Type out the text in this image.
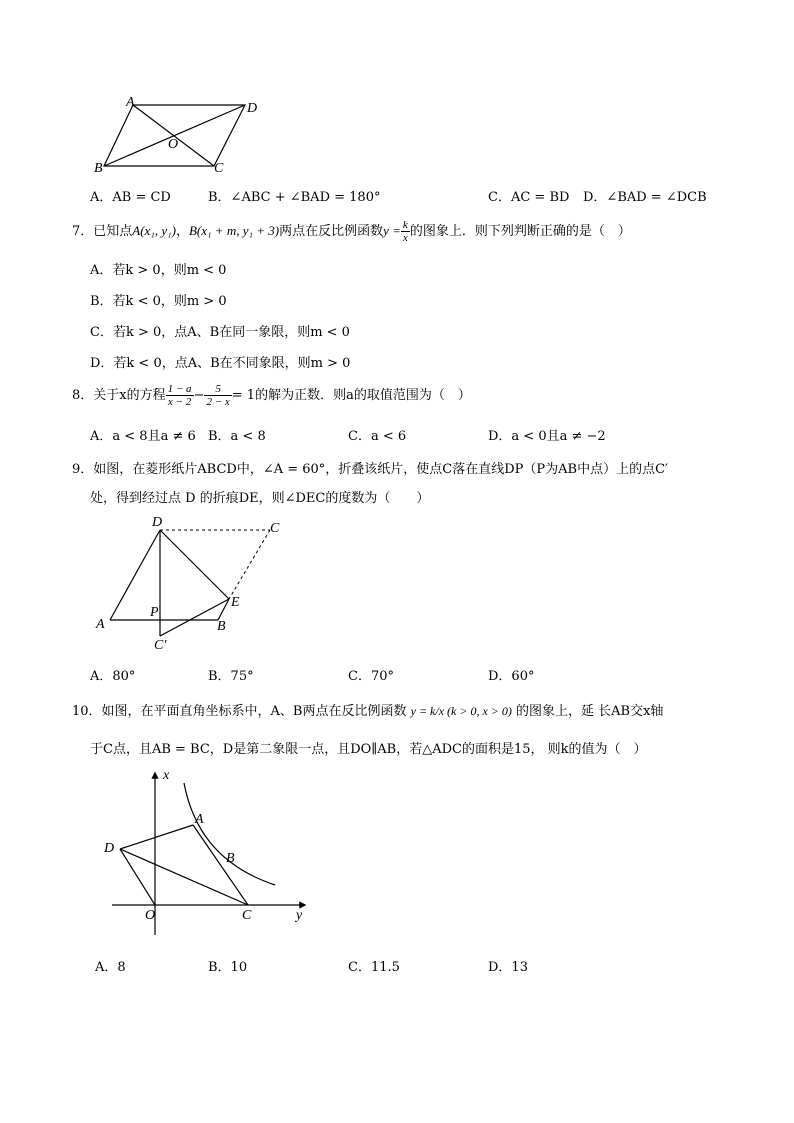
A	D
O
B	C
A．AB = CD	B．∠ABC + ∠BAD = 180°	C．AC = BD D．∠BAD = ∠DCB
7．已知点A(x₁, y₁)，B(x₁ + m, y₁ + 3)两点在反比例函数$y = \frac{k}{x}$ 的图象上．则下列判断正确的是（　）
A．若k > 0，则m < 0
B．若k < 0，则m > 0
C．若k > 0，点A、B在同一象限，则m < 0
D．若k < 0，点A、B在不同象限，则m > 0
8．关于x的方程 $\frac{1 - a}{x - 2} - \frac{5}{2 - x} = 1$的解为正数．则a的取值范围为（　）
A．a < 8且a ≠ 6 B．a < 8	C．a < 6	D．a < 0且a ≠ −2
9．如图，在菱形纸片ABCD中，∠A = 60°，折叠该纸片，使点C落在直线DP（P为AB中点）上的点C′
处，得到经过点 D 的折痕DE，则∠DEC的度数为（　　）
D	C
E
P
A	B
C′
A．80°	B．75°	C．70°	D．60°
10．如图，在平面直角坐标系中，A、B两点在反比例函数 y = k/x (k > 0, x > 0) 的图象上，延 长AB交x轴
于C点，且AB = BC，D是第二象限一点，且DO∥AB，若△ADC的面积是15， 则k的值为（　）
x
y
A
B
D
O	C
A．8	B．10	C．11.5	D．13
